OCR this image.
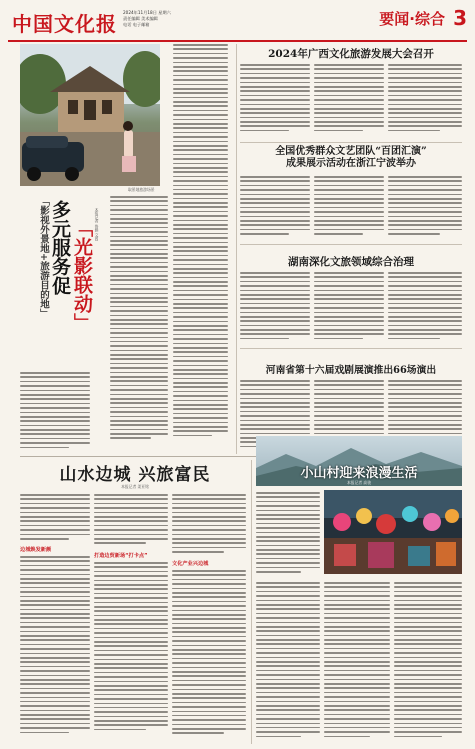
中国文化报 2024年11月18日 星期六
责任编辑 美术编辑
电话 电子邮箱	要闻·综合 3
取景地旅游场景
「影视外景地+旅游目的地」 多元服务促 「光影联动」 本报记者 鲁娟 文图
2024年广西文化旅游发展大会召开
全国优秀群众文艺团队“百团汇演”
成果展示活动在浙江宁波举办
湖南深化文旅领域综合治理
河南省第十六届戏剧展演推出66场演出
山水边城 兴旅富民
本报记者 姜亚铭
边城焕发新颜
打造边贸新场“打卡点”
文化产业兴边城
小山村迎来浪漫生活
本报记者 高骏
